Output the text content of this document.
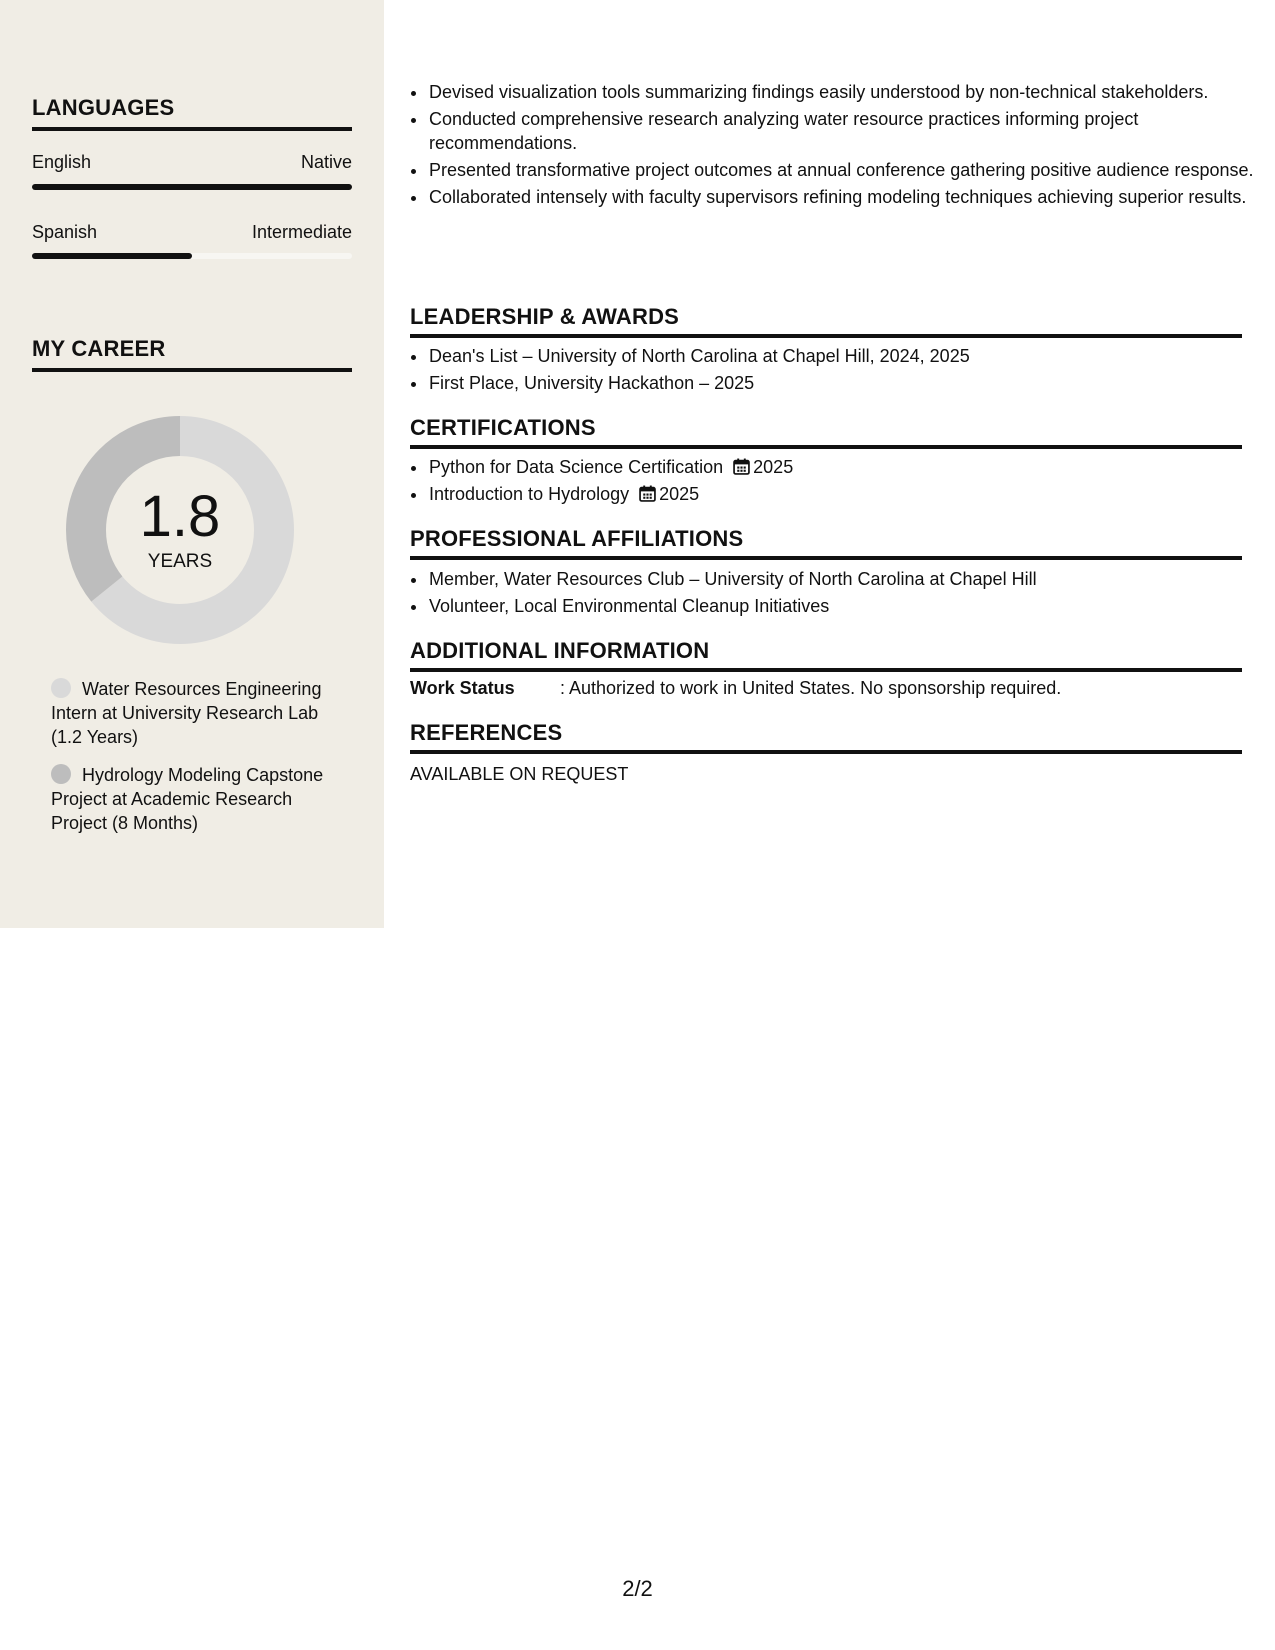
LANGUAGES
English	Native
Spanish	Intermediate
MY CAREER
1.8
YEARS
Water Resources Engineering Intern at University Research Lab (1.2 Years)
Hydrology Modeling Capstone Project at Academic Research Project (8 Months)
• Devised visualization tools summarizing findings easily understood by non-technical stakeholders.
• Conducted comprehensive research analyzing water resource practices informing project recommendations.
• Presented transformative project outcomes at annual conference gathering positive audience response.
• Collaborated intensely with faculty supervisors refining modeling techniques achieving superior results.
LEADERSHIP & AWARDS
• Dean's List – University of North Carolina at Chapel Hill, 2024, 2025
• First Place, University Hackathon – 2025
CERTIFICATIONS
• Python for Data Science Certification 2025
• Introduction to Hydrology 2025
PROFESSIONAL AFFILIATIONS
• Member, Water Resources Club – University of North Carolina at Chapel Hill
• Volunteer, Local Environmental Cleanup Initiatives
ADDITIONAL INFORMATION
Work Status	: Authorized to work in United States. No sponsorship required.
REFERENCES
AVAILABLE ON REQUEST
2/2
